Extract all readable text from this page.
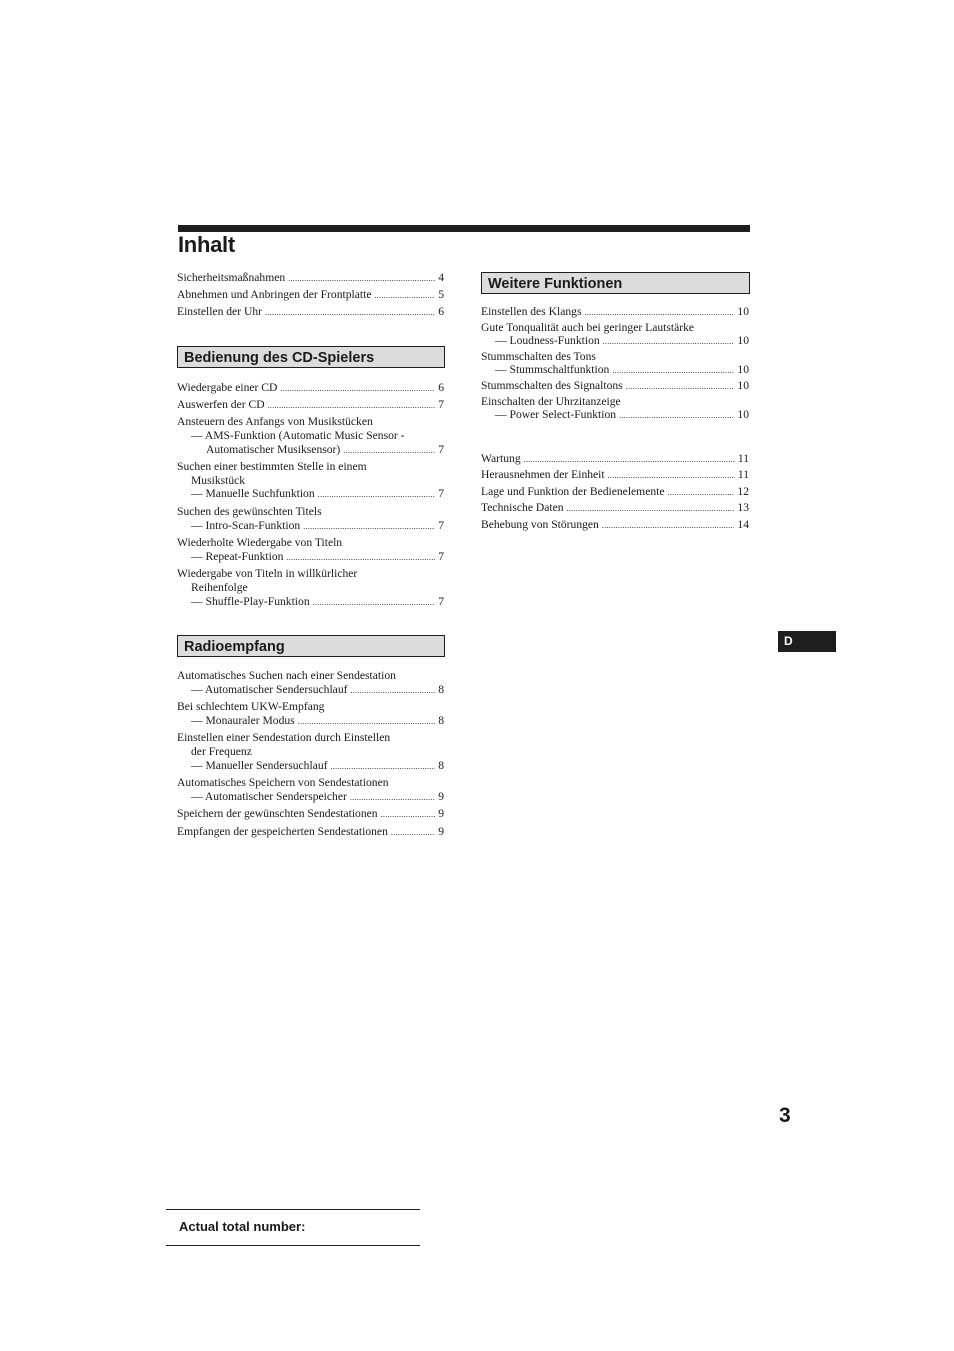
Inhalt
Sicherheitsmaßnahmen .....	4
Abnehmen und Anbringen der Frontplatte .....	5
Einstellen der Uhr .....	6
Bedienung des CD-Spielers
Wiedergabe einer CD .....	6
Auswerfen der CD .....	7
Ansteuern des Anfangs von Musikstücken
— AMS-Funktion (Automatic Music Sensor -
Automatischer Musiksensor) .....	7
Suchen einer bestimmten Stelle in einem
Musikstück
— Manuelle Suchfunktion .....	7
Suchen des gewünschten Titels
— Intro-Scan-Funktion .....	7
Wiederholte Wiedergabe von Titeln
— Repeat-Funktion .....	7
Wiedergabe von Titeln in willkürlicher
Reihenfolge
— Shuffle-Play-Funktion .....	7
Radioempfang
Automatisches Suchen nach einer Sendestation
— Automatischer Sendersuchlauf .....	8
Bei schlechtem UKW-Empfang
— Monauraler Modus .....	8
Einstellen einer Sendestation durch Einstellen
der Frequenz
— Manueller Sendersuchlauf .....	8
Automatisches Speichern von Sendestationen
— Automatischer Senderspeicher .....	9
Speichern der gewünschten Sendestationen .....	9
Empfangen der gespeicherten Sendestationen .....	9
Weitere Funktionen
Einstellen des Klangs .....	10
Gute Tonqualität auch bei geringer Lautstärke
— Loudness-Funktion .....	10
Stummschalten des Tons
— Stummschaltfunktion .....	10
Stummschalten des Signaltons .....	10
Einschalten der Uhrzitanzeige
— Power Select-Funktion .....	10
Wartung .....	11
Herausnehmen der Einheit .....	11
Lage und Funktion der Bedienelemente .....	12
Technische Daten .....	13
Behebung von Störungen .....	14
D
3
Actual total number:
